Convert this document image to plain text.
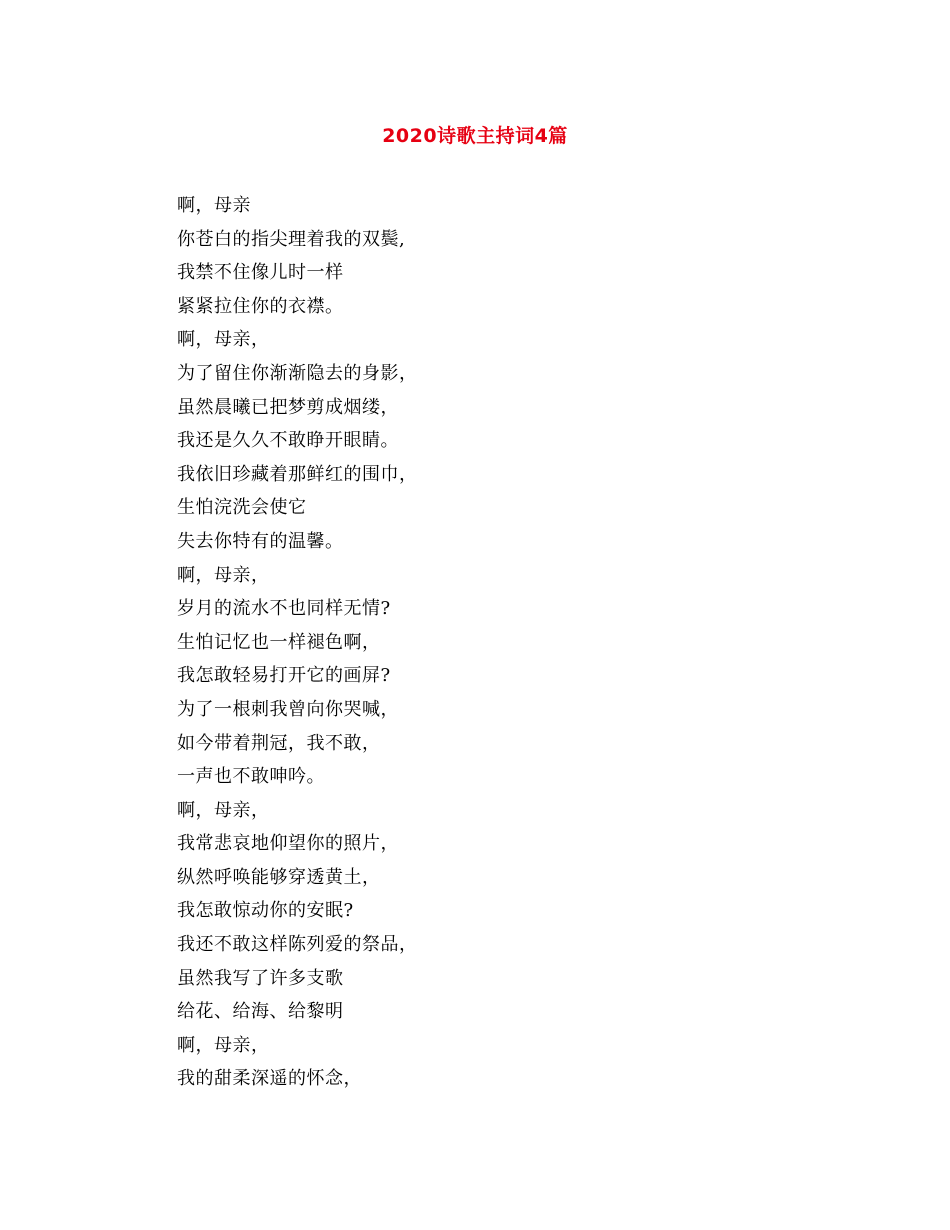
2020诗歌主持词4篇
啊，母亲
你苍白的指尖理着我的双鬓,
我禁不住像儿时一样
紧紧拉住你的衣襟。
啊，母亲，
为了留住你渐渐隐去的身影，
虽然晨曦已把梦剪成烟缕，
我还是久久不敢睁开眼睛。
我依旧珍藏着那鲜红的围巾，
生怕浣洗会使它
失去你特有的温馨。
啊，母亲，
岁月的流水不也同样无情?
生怕记忆也一样褪色啊，
我怎敢轻易打开它的画屏?
为了一根刺我曾向你哭喊，
如今带着荆冠，我不敢，
一声也不敢呻吟。
啊，母亲，
我常悲哀地仰望你的照片，
纵然呼唤能够穿透黄土，
我怎敢惊动你的安眠?
我还不敢这样陈列爱的祭品，
虽然我写了许多支歌
给花、给海、给黎明
啊，母亲，
我的甜柔深遥的怀念，
